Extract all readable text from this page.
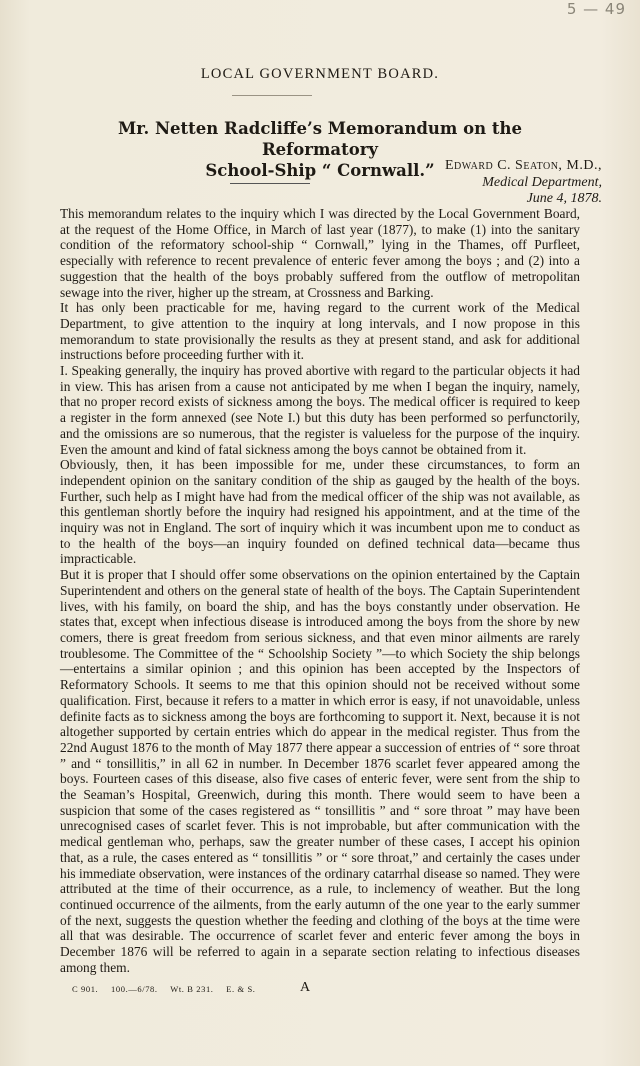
5 — 49
LOCAL GOVERNMENT BOARD.
Mr. Netten Radcliffe’s Memorandum on the Reformatory
School-Ship “ Cornwall.” Edward C. Seaton, M.D.,
Medical Department,
June 4, 1878.

This memorandum relates to the inquiry which I was directed by the Local Government Board, at the request of the Home Office, in March of last year (1877), to make (1) into the sanitary condition of the reformatory school-ship “ Cornwall,” lying in the Thames, off Purfleet, especially with reference to recent prevalence of enteric fever among the boys ; and (2) into a suggestion that the health of the boys probably suffered from the outflow of metropolitan sewage into the river, higher up the stream, at Crossness and Barking.

It has only been practicable for me, having regard to the current work of the Medical Department, to give attention to the inquiry at long intervals, and I now propose in this memorandum to state provisionally the results as they at present stand, and ask for additional instructions before proceeding further with it.

I. Speaking generally, the inquiry has proved abortive with regard to the particular objects it had in view. This has arisen from a cause not anticipated by me when I began the inquiry, namely, that no proper record exists of sickness among the boys. The medical officer is required to keep a register in the form annexed (see Note I.) but this duty has been performed so perfunctorily, and the omissions are so numerous, that the register is valueless for the purpose of the inquiry. Even the amount and kind of fatal sickness among the boys cannot be obtained from it.

Obviously, then, it has been impossible for me, under these circumstances, to form an independent opinion on the sanitary condition of the ship as gauged by the health of the boys. Further, such help as I might have had from the medical officer of the ship was not available, as this gentleman shortly before the inquiry had resigned his appointment, and at the time of the inquiry was not in England. The sort of inquiry which it was incumbent upon me to conduct as to the health of the boys—an inquiry founded on defined technical data—became thus impracticable.

But it is proper that I should offer some observations on the opinion entertained by the Captain Superintendent and others on the general state of health of the boys. The Captain Superintendent lives, with his family, on board the ship, and has the boys constantly under observation. He states that, except when infectious disease is introduced among the boys from the shore by new comers, there is great freedom from serious sickness, and that even minor ailments are rarely troublesome. The Committee of the “ Schoolship Society ”—to which Society the ship belongs—entertains a similar opinion ; and this opinion has been accepted by the Inspectors of Reformatory Schools. It seems to me that this opinion should not be received without some qualification. First, because it refers to a matter in which error is easy, if not unavoidable, unless definite facts as to sickness among the boys are forthcoming to support it. Next, because it is not altogether supported by certain entries which do appear in the medical register. Thus from the 22nd August 1876 to the month of May 1877 there appear a succession of entries of “ sore throat ” and “ tonsillitis,” in all 62 in number. In December 1876 scarlet fever appeared among the boys. Fourteen cases of this disease, also five cases of enteric fever, were sent from the ship to the Seaman’s Hospital, Greenwich, during this month. There would seem to have been a suspicion that some of the cases registered as “ tonsillitis ” and “ sore throat ” may have been unrecognised cases of scarlet fever. This is not improbable, but after communication with the medical gentleman who, perhaps, saw the greater number of these cases, I accept his opinion that, as a rule, the cases entered as “ tonsillitis ” or “ sore throat,” and certainly the cases under his immediate observation, were instances of the ordinary catarrhal disease so named. They were attributed at the time of their occurrence, as a rule, to inclemency of weather. But the long continued occurrence of the ailments, from the early autumn of the one year to the early summer of the next, suggests the question whether the feeding and clothing of the boys at the time were all that was desirable. The occurrence of scarlet fever and enteric fever among the boys in December 1876 will be referred to again in a separate section relating to infectious diseases among them.

C 901. 100.—6/78. Wt. B 231. E. & S.	A
